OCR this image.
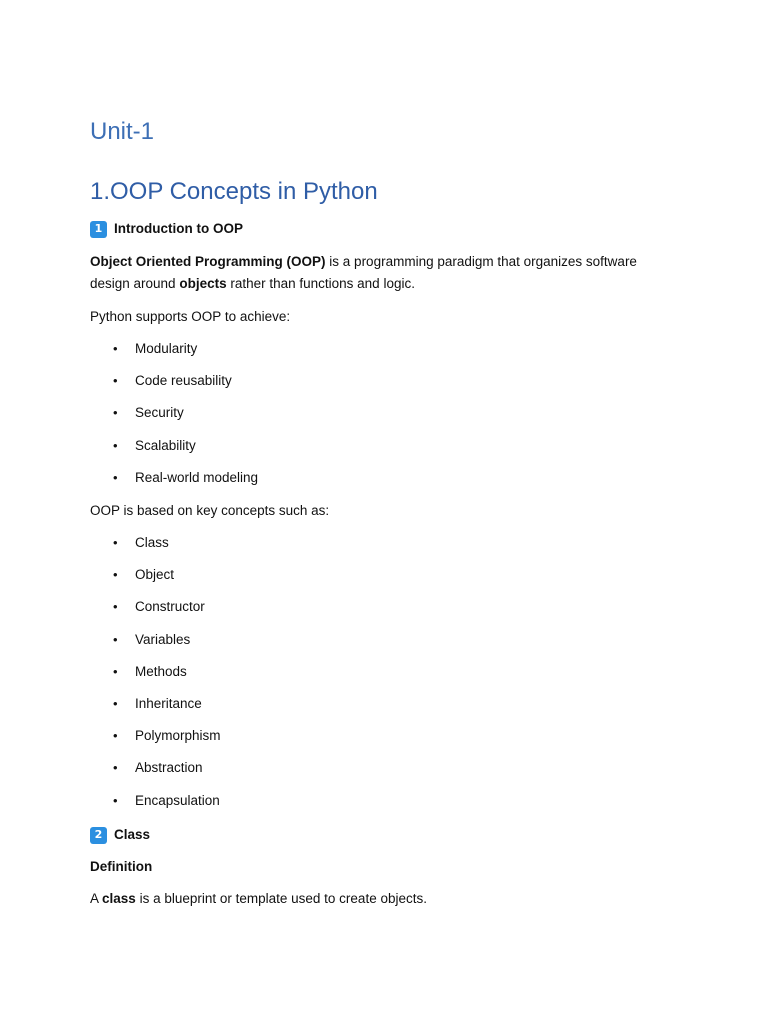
Unit-1
1.OOP Concepts in Python
1 Introduction to OOP

Object Oriented Programming (OOP) is a programming paradigm that organizes software design around objects rather than functions and logic.

Python supports OOP to achieve:

• Modularity
• Code reusability
• Security
• Scalability
• Real-world modeling

OOP is based on key concepts such as:

• Class
• Object
• Constructor
• Variables
• Methods
• Inheritance
• Polymorphism
• Abstraction
• Encapsulation
2 Class

Definition

A class is a blueprint or template used to create objects.
